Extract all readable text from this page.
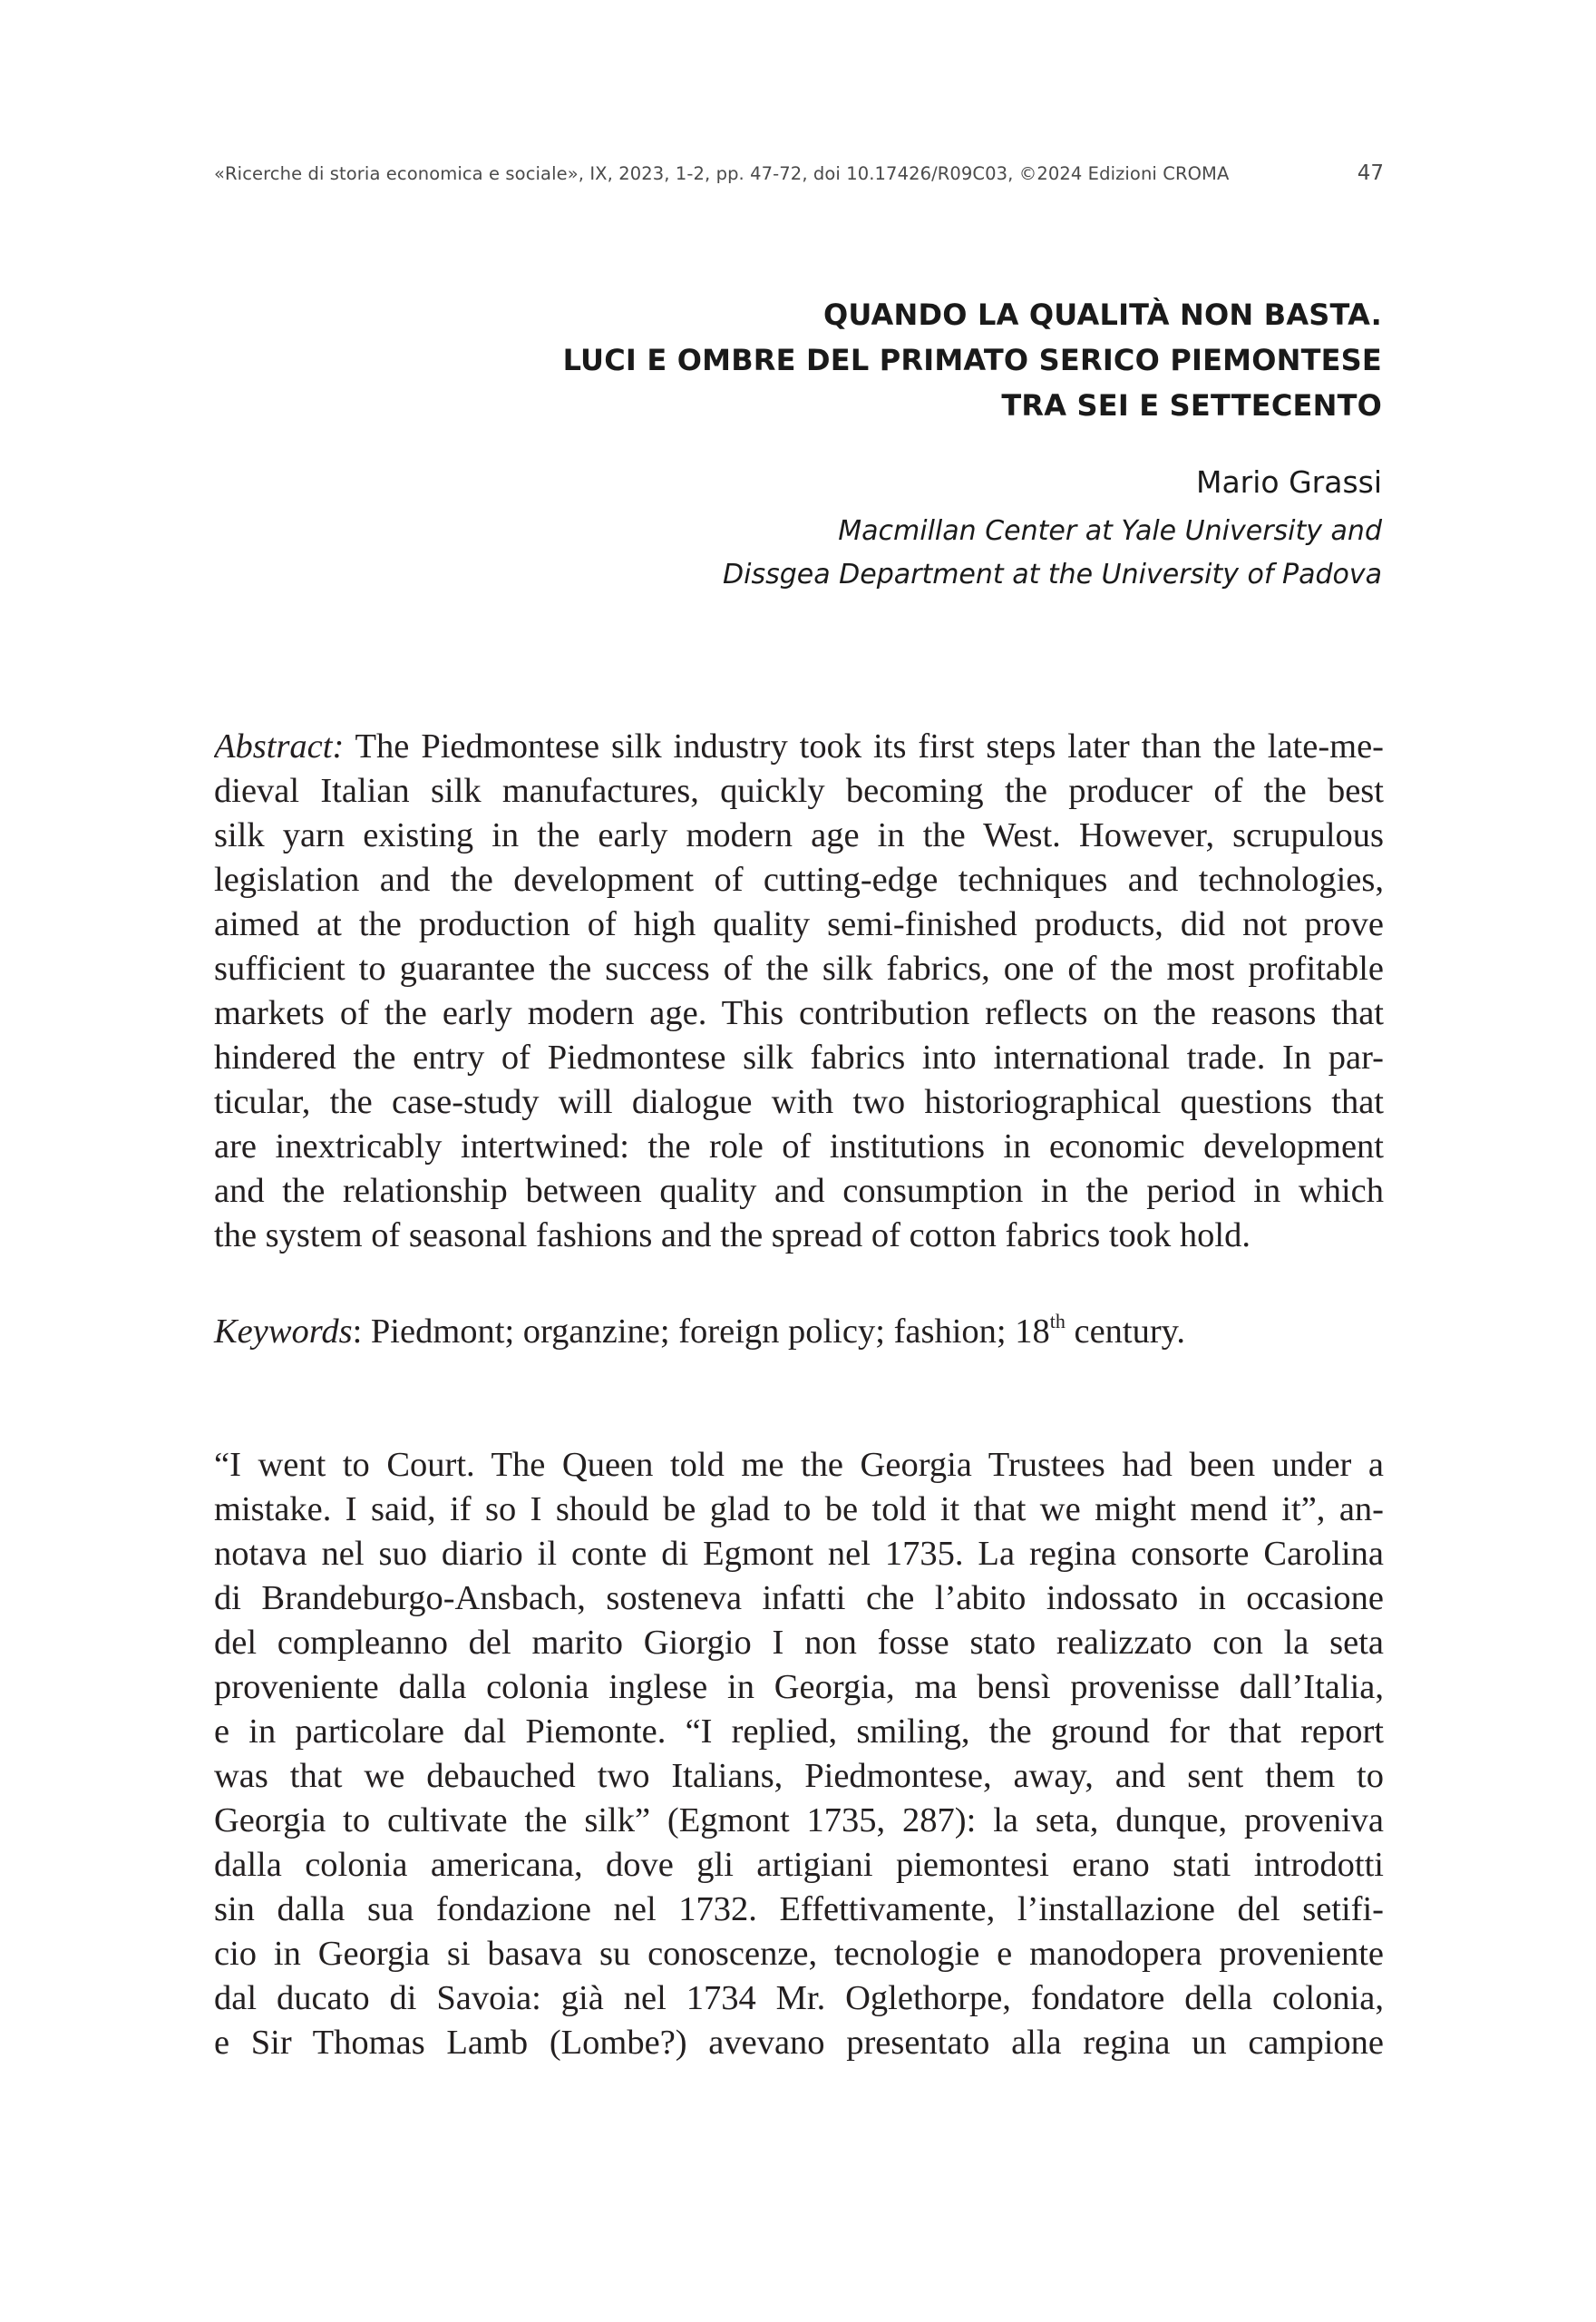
«Ricerche di storia economica e sociale», IX, 2023, 1-2, pp. 47-72, doi 10.17426/R09C03, ©2024 Edizioni CROMA	47
QUANDO LA QUALITÀ NON BASTA.
LUCI E OMBRE DEL PRIMATO SERICO PIEMONTESE
TRA SEI E SETTECENTO
Mario Grassi
Macmillan Center at Yale University and
Dissgea Department at the University of Padova
Abstract: The Piedmontese silk industry took its first steps later than the late-me-
dieval Italian silk manufactures, quickly becoming the producer of the best
silk yarn existing in the early modern age in the West. However, scrupulous
legislation and the development of cutting-edge techniques and technologies,
aimed at the production of high quality semi-finished products, did not prove
sufficient to guarantee the success of the silk fabrics, one of the most profitable
markets of the early modern age. This contribution reflects on the reasons that
hindered the entry of Piedmontese silk fabrics into international trade. In par-
ticular, the case-study will dialogue with two historiographical questions that
are inextricably intertwined: the role of institutions in economic development
and the relationship between quality and consumption in the period in which
the system of seasonal fashions and the spread of cotton fabrics took hold.
Keywords: Piedmont; organzine; foreign policy; fashion; 18th century.
“I went to Court. The Queen told me the Georgia Trustees had been under a
mistake. I said, if so I should be glad to be told it that we might mend it”, an-
notava nel suo diario il conte di Egmont nel 1735. La regina consorte Carolina
di Brandeburgo-Ansbach, sosteneva infatti che l’abito indossato in occasione
del compleanno del marito Giorgio I non fosse stato realizzato con la seta
proveniente dalla colonia inglese in Georgia, ma bensì provenisse dall’Italia,
e in particolare dal Piemonte. “I replied, smiling, the ground for that report
was that we debauched two Italians, Piedmontese, away, and sent them to
Georgia to cultivate the silk” (Egmont 1735, 287): la seta, dunque, proveniva
dalla colonia americana, dove gli artigiani piemontesi erano stati introdotti
sin dalla sua fondazione nel 1732. Effettivamente, l’installazione del setifi-
cio in Georgia si basava su conoscenze, tecnologie e manodopera proveniente
dal ducato di Savoia: già nel 1734 Mr. Oglethorpe, fondatore della colonia,
e Sir Thomas Lamb (Lombe?) avevano presentato alla regina un campione
